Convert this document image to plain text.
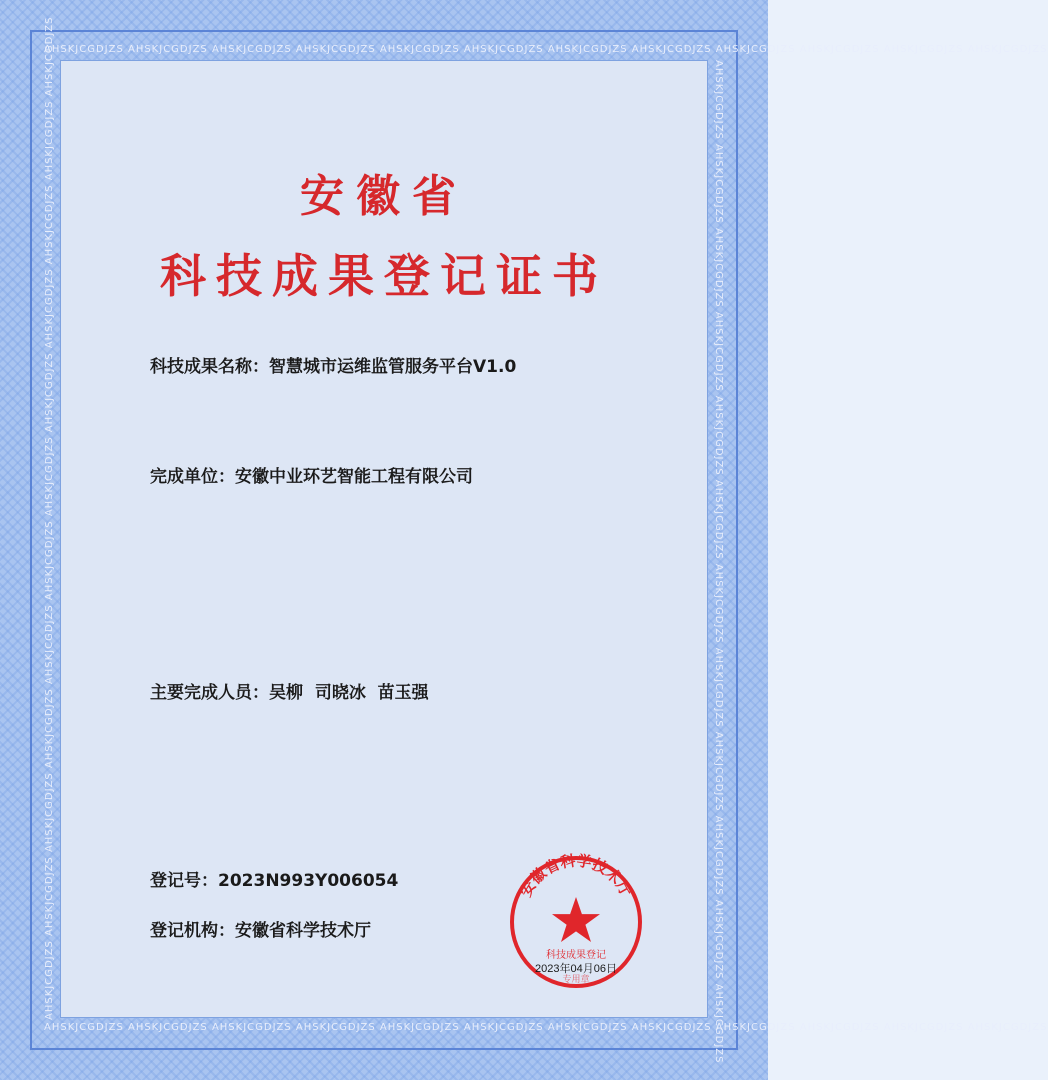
AHSKJCGDJZS AHSKJCGDJZS AHSKJCGDJZS AHSKJCGDJZS AHSKJCGDJZS AHSKJCGDJZS AHSKJCGDJZS AHSKJCGDJZS AHSKJCGDJZS AHSKJCGDJZS AHSKJCGDJZS AHSKJCGDJZS
AHSKJCGDJZS AHSKJCGDJZS AHSKJCGDJZS AHSKJCGDJZS AHSKJCGDJZS AHSKJCGDJZS AHSKJCGDJZS AHSKJCGDJZS AHSKJCGDJZS AHSKJCGDJZS AHSKJCGDJZS AHSKJCGDJZS
AHSKJCGDJZS AHSKJCGDJZS AHSKJCGDJZS AHSKJCGDJZS AHSKJCGDJZS AHSKJCGDJZS AHSKJCGDJZS AHSKJCGDJZS AHSKJCGDJZS AHSKJCGDJZS AHSKJCGDJZS AHSKJCGDJZS	AHSKJCGDJZS AHSKJCGDJZS AHSKJCGDJZS AHSKJCGDJZS AHSKJCGDJZS AHSKJCGDJZS AHSKJCGDJZS AHSKJCGDJZS AHSKJCGDJZS AHSKJCGDJZS AHSKJCGDJZS AHSKJCGDJZS
安徽省
科技成果登记证书
科技成果名称：智慧城市运维监管服务平台V1.0
完成单位：安徽中业环艺智能工程有限公司
主要完成人员：吴柳  司晓冰  苗玉强
登记号：2023N993Y006054
登记机构：安徽省科学技术厅
安徽省科学技术厅
科技成果登记
专用章
2023年04月06日
